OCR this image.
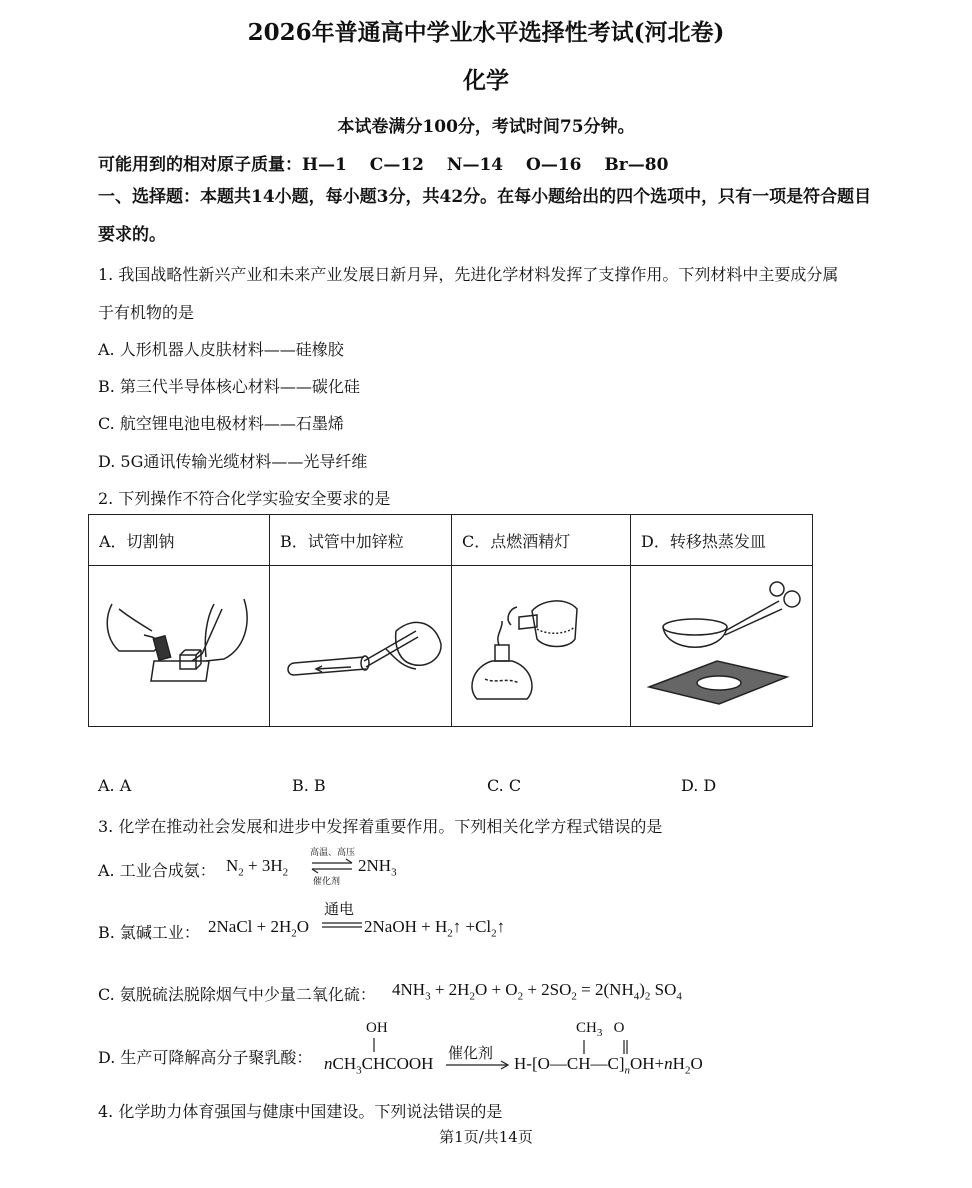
2026年普通高中学业水平选择性考试(河北卷)
化学
本试卷满分100分，考试时间75分钟。
可能用到的相对原子质量：H—1　 C—12　 N—14　 O—16　 Br—80
一、选择题：本题共14小题，每小题3分，共42分。在每小题给出的四个选项中，只有一项是符合题目要求的。
1. 我国战略性新兴产业和未来产业发展日新月异，先进化学材料发挥了支撑作用。下列材料中主要成分属
于有机物的是
A. 人形机器人皮肤材料——硅橡胶
B. 第三代半导体核心材料——碳化硅
C. 航空锂电池电极材料——石墨烯
D. 5G通讯传输光缆材料——光导纤维
2. 下列操作不符合化学实验安全要求的是
A．切割钠	B．试管中加锌粒	C．点燃酒精灯	D．转移热蒸发皿

A. A	B. B	C. C	D. D
3. 化学在推动社会发展和进步中发挥着重要作用。下列相关化学方程式错误的是
A. 工业合成氨： $N_2 + 3H_2$
高温、高压
催化剂
$2NH_3$
B. 氯碱工业： 2NaCl + $2H_2O$
通电
2NaOH + $H_2↑$ $+Cl_2↑$
C. 氨脱硫法脱除烟气中少量二氧化硫： $4NH_3 + 2H_2O + O_2 + 2SO_2 = 2(NH_4)_2$ $SO_4$
D. 生产可降解高分子聚乳酸：
OH
nCH$_3$CHCOOH
催化剂
$CH_3$   O
$H-[O—CH—C]_nOH+nH_2O$
4. 化学助力体育强国与健康中国建设。下列说法错误的是
第1页/共14页
